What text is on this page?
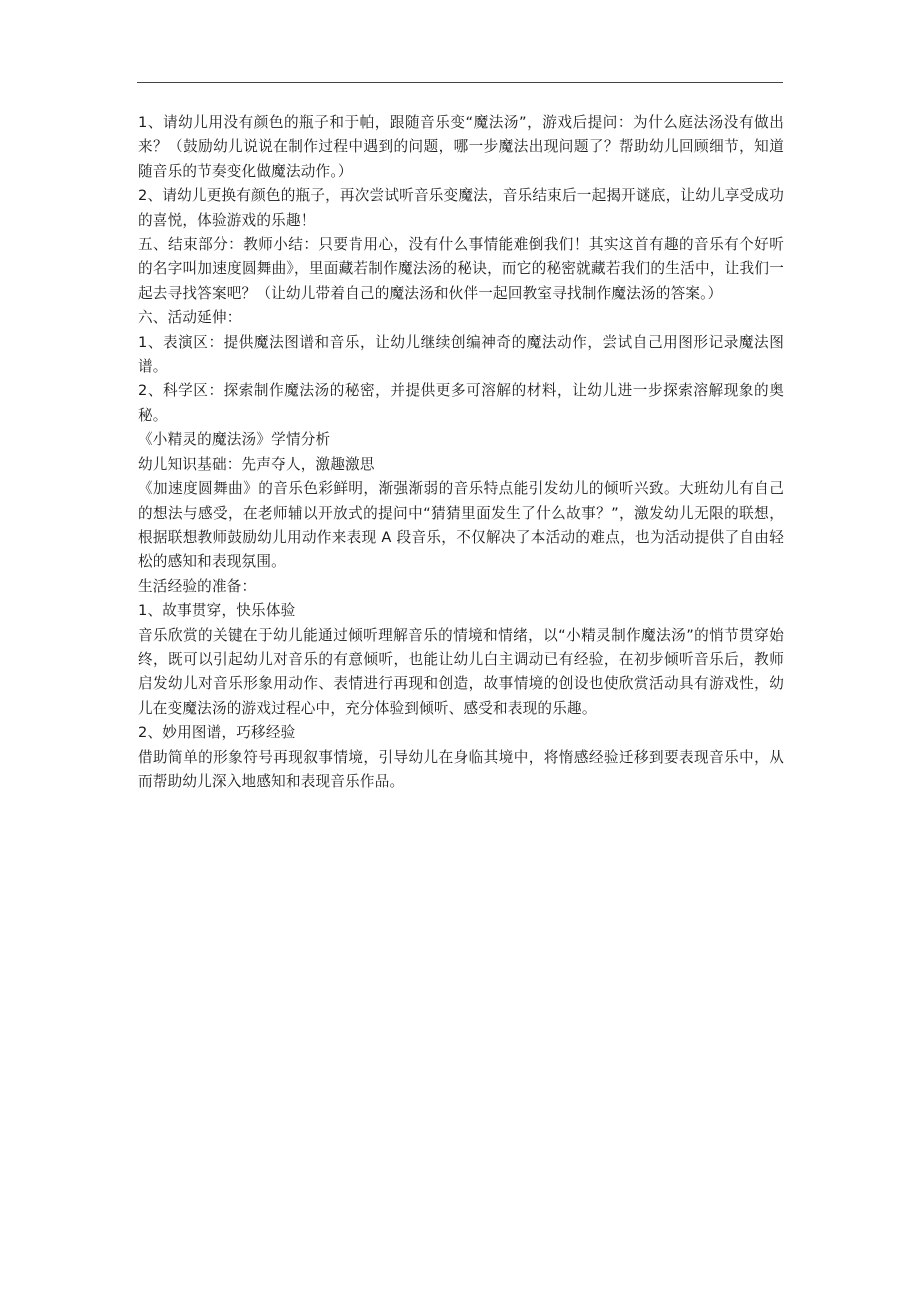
1、请幼儿用没有颜色的瓶子和于帕，跟随音乐变“魔法汤”，游戏后提问：为什么庭法汤没有做出来？（鼓励幼儿说说在制作过程中遇到的问题，哪一步魔法出现问题了？帮助幼儿回顾细节，知道随音乐的节奏变化做魔法动作。）

2、请幼儿更换有颜色的瓶子，再次尝试听音乐变魔法，音乐结束后一起揭开谜底，让幼儿享受成功的喜悦，体验游戏的乐趣！

五、结束部分：教师小结：只要肯用心，没有什么事情能难倒我们！其实这首有趣的音乐有个好听的名字叫加速度圆舞曲》，里面藏若制作魔法汤的秘诀，而它的秘密就藏若我们的生活中，让我们一起去寻找答案吧？（让幼儿带着自己的魔法汤和伙伴一起回教室寻找制作魔法汤的答案。）

六、活动延伸：

1、表演区：提供魔法图谱和音乐，让幼儿继续创编神奇的魔法动作，尝试自己用图形记录魔法图谱。

2、科学区：探索制作魔法汤的秘密，并提供更多可溶解的材料，让幼儿进一步探索溶解现象的奥秘。

《小精灵的魔法汤》学情分析

幼儿知识基础：先声夺人，激趣激思

《加速度圆舞曲》的音乐色彩鲜明，渐强渐弱的音乐特点能引发幼儿的倾听兴致。大班幼儿有自己的想法与感受，在老师辅以开放式的提问中“猜猜里面发生了什么故事？”，激发幼儿无限的联想，根据联想教师鼓励幼儿用动作来表现 A 段音乐，不仅解决了本活动的难点，也为活动提供了自由轻松的感知和表现氛围。

生活经验的准备：

1、故事贯穿，快乐体验

音乐欣赏的关键在于幼儿能通过倾听理解音乐的情境和情绪，以“小精灵制作魔法汤”的悄节贯穿始终，既可以引起幼儿对音乐的有意倾听，也能让幼儿白主调动已有经验，在初步倾听音乐后，教师启发幼儿对音乐形象用动作、表情进行再现和创造，故事情境的创设也使欣赏活动具有游戏性，幼儿在变魔法汤的游戏过程心中，充分体验到倾听、感受和表现的乐趣。

2、妙用图谱，巧移经验

借助简单的形象符号再现叙事情境，引导幼儿在身临其境中，将惰感经验迁移到要表现音乐中，从而帮助幼儿深入地感知和表现音乐作品。
